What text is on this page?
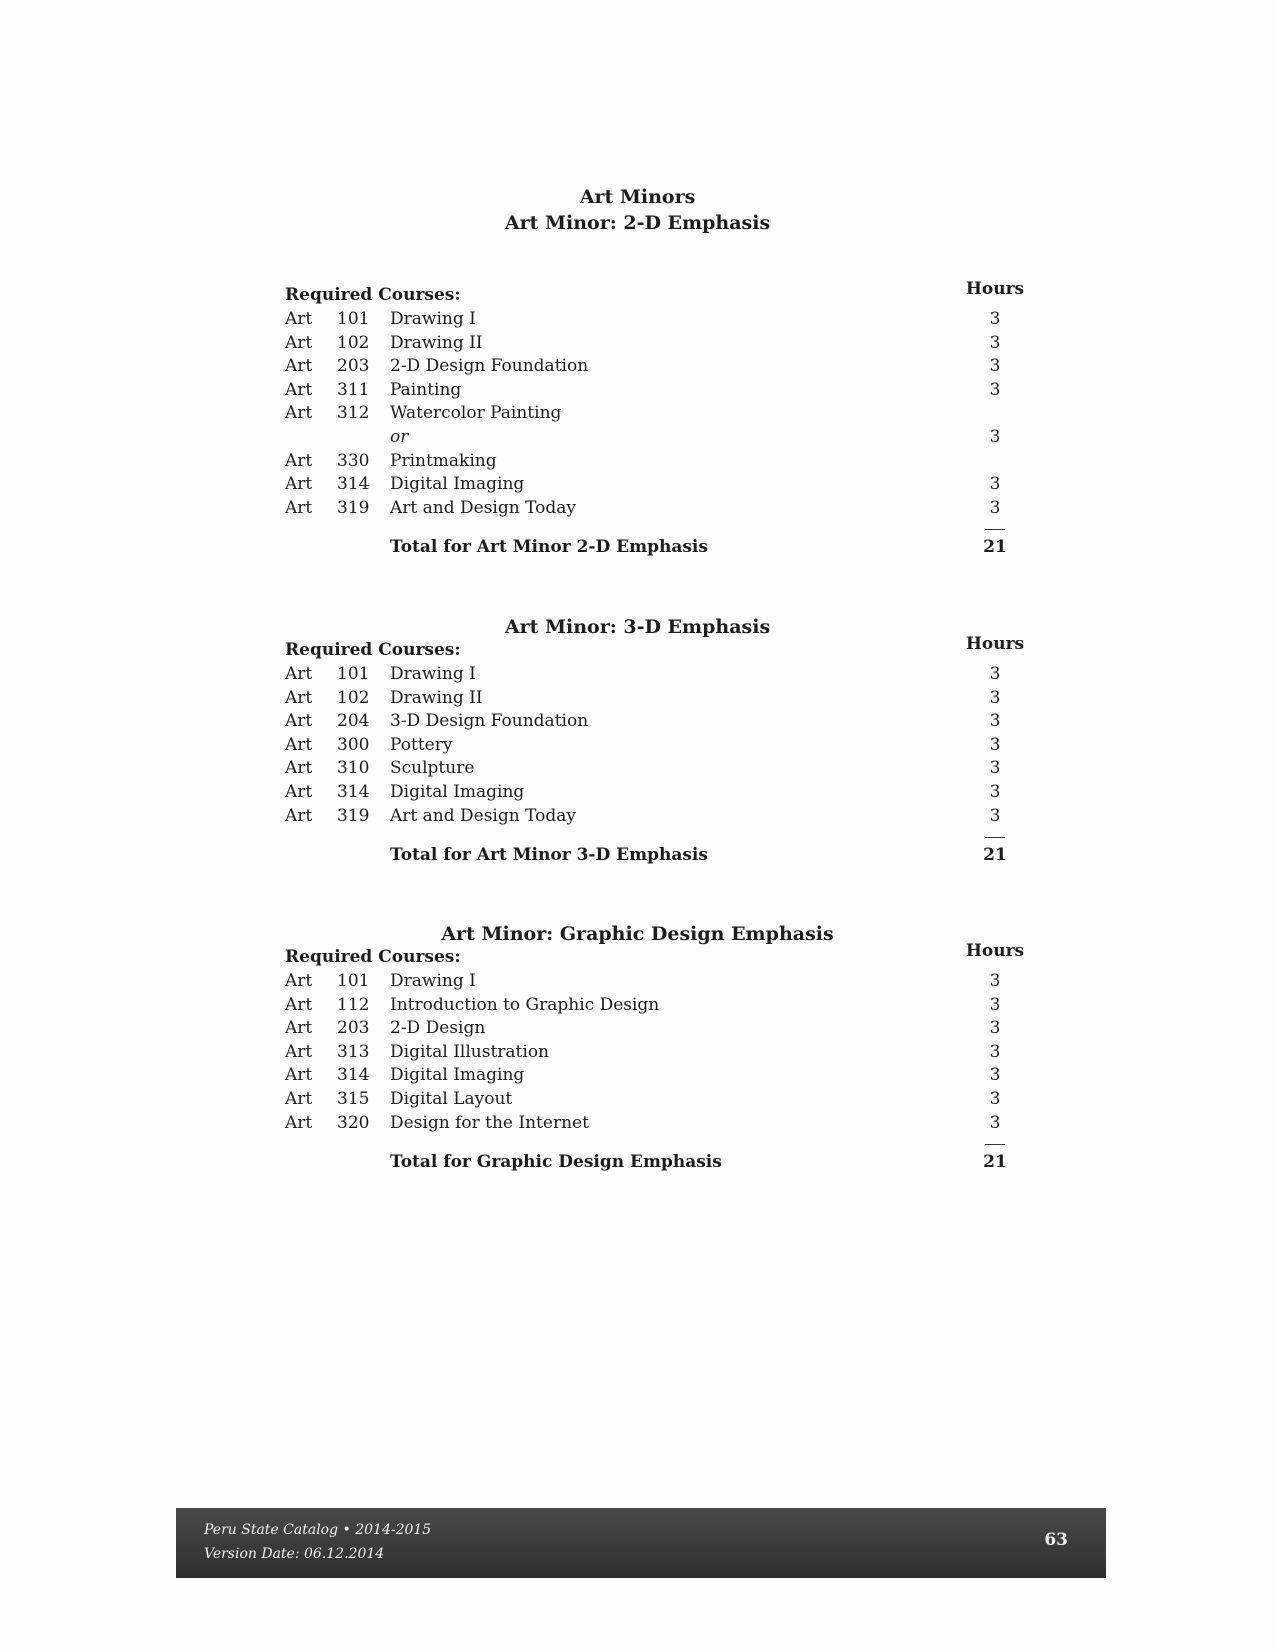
Art Minors
Art Minor: 2-D Emphasis
Art Minor: 3-D Emphasis
Art Minor: Graphic Design Emphasis
Required Courses:	Hours
Art	101	Drawing I	3
Art	102	Drawing II	3
Art	203	2-D Design Foundation	3
Art	311	Painting	3
Art	312	Watercolor Painting
or	3
Art	330	Printmaking
Art	314	Digital Imaging	3
Art	319	Art and Design Today	3
Total for Art Minor 2-D Emphasis	21
Required Courses:	Hours
Art	101	Drawing I	3
Art	102	Drawing II	3
Art	204	3-D Design Foundation	3
Art	300	Pottery	3
Art	310	Sculpture	3
Art	314	Digital Imaging	3
Art	319	Art and Design Today	3
Total for Art Minor 3-D Emphasis	21
Required Courses:	Hours
Art	101	Drawing I	3
Art	112	Introduction to Graphic Design	3
Art	203	2-D Design	3
Art	313	Digital Illustration	3
Art	314	Digital Imaging	3
Art	315	Digital Layout	3
Art	320	Design for the Internet	3
Total for Graphic Design Emphasis	21
Peru State Catalog • 2014-2015
Version Date: 06.12.2014
63
